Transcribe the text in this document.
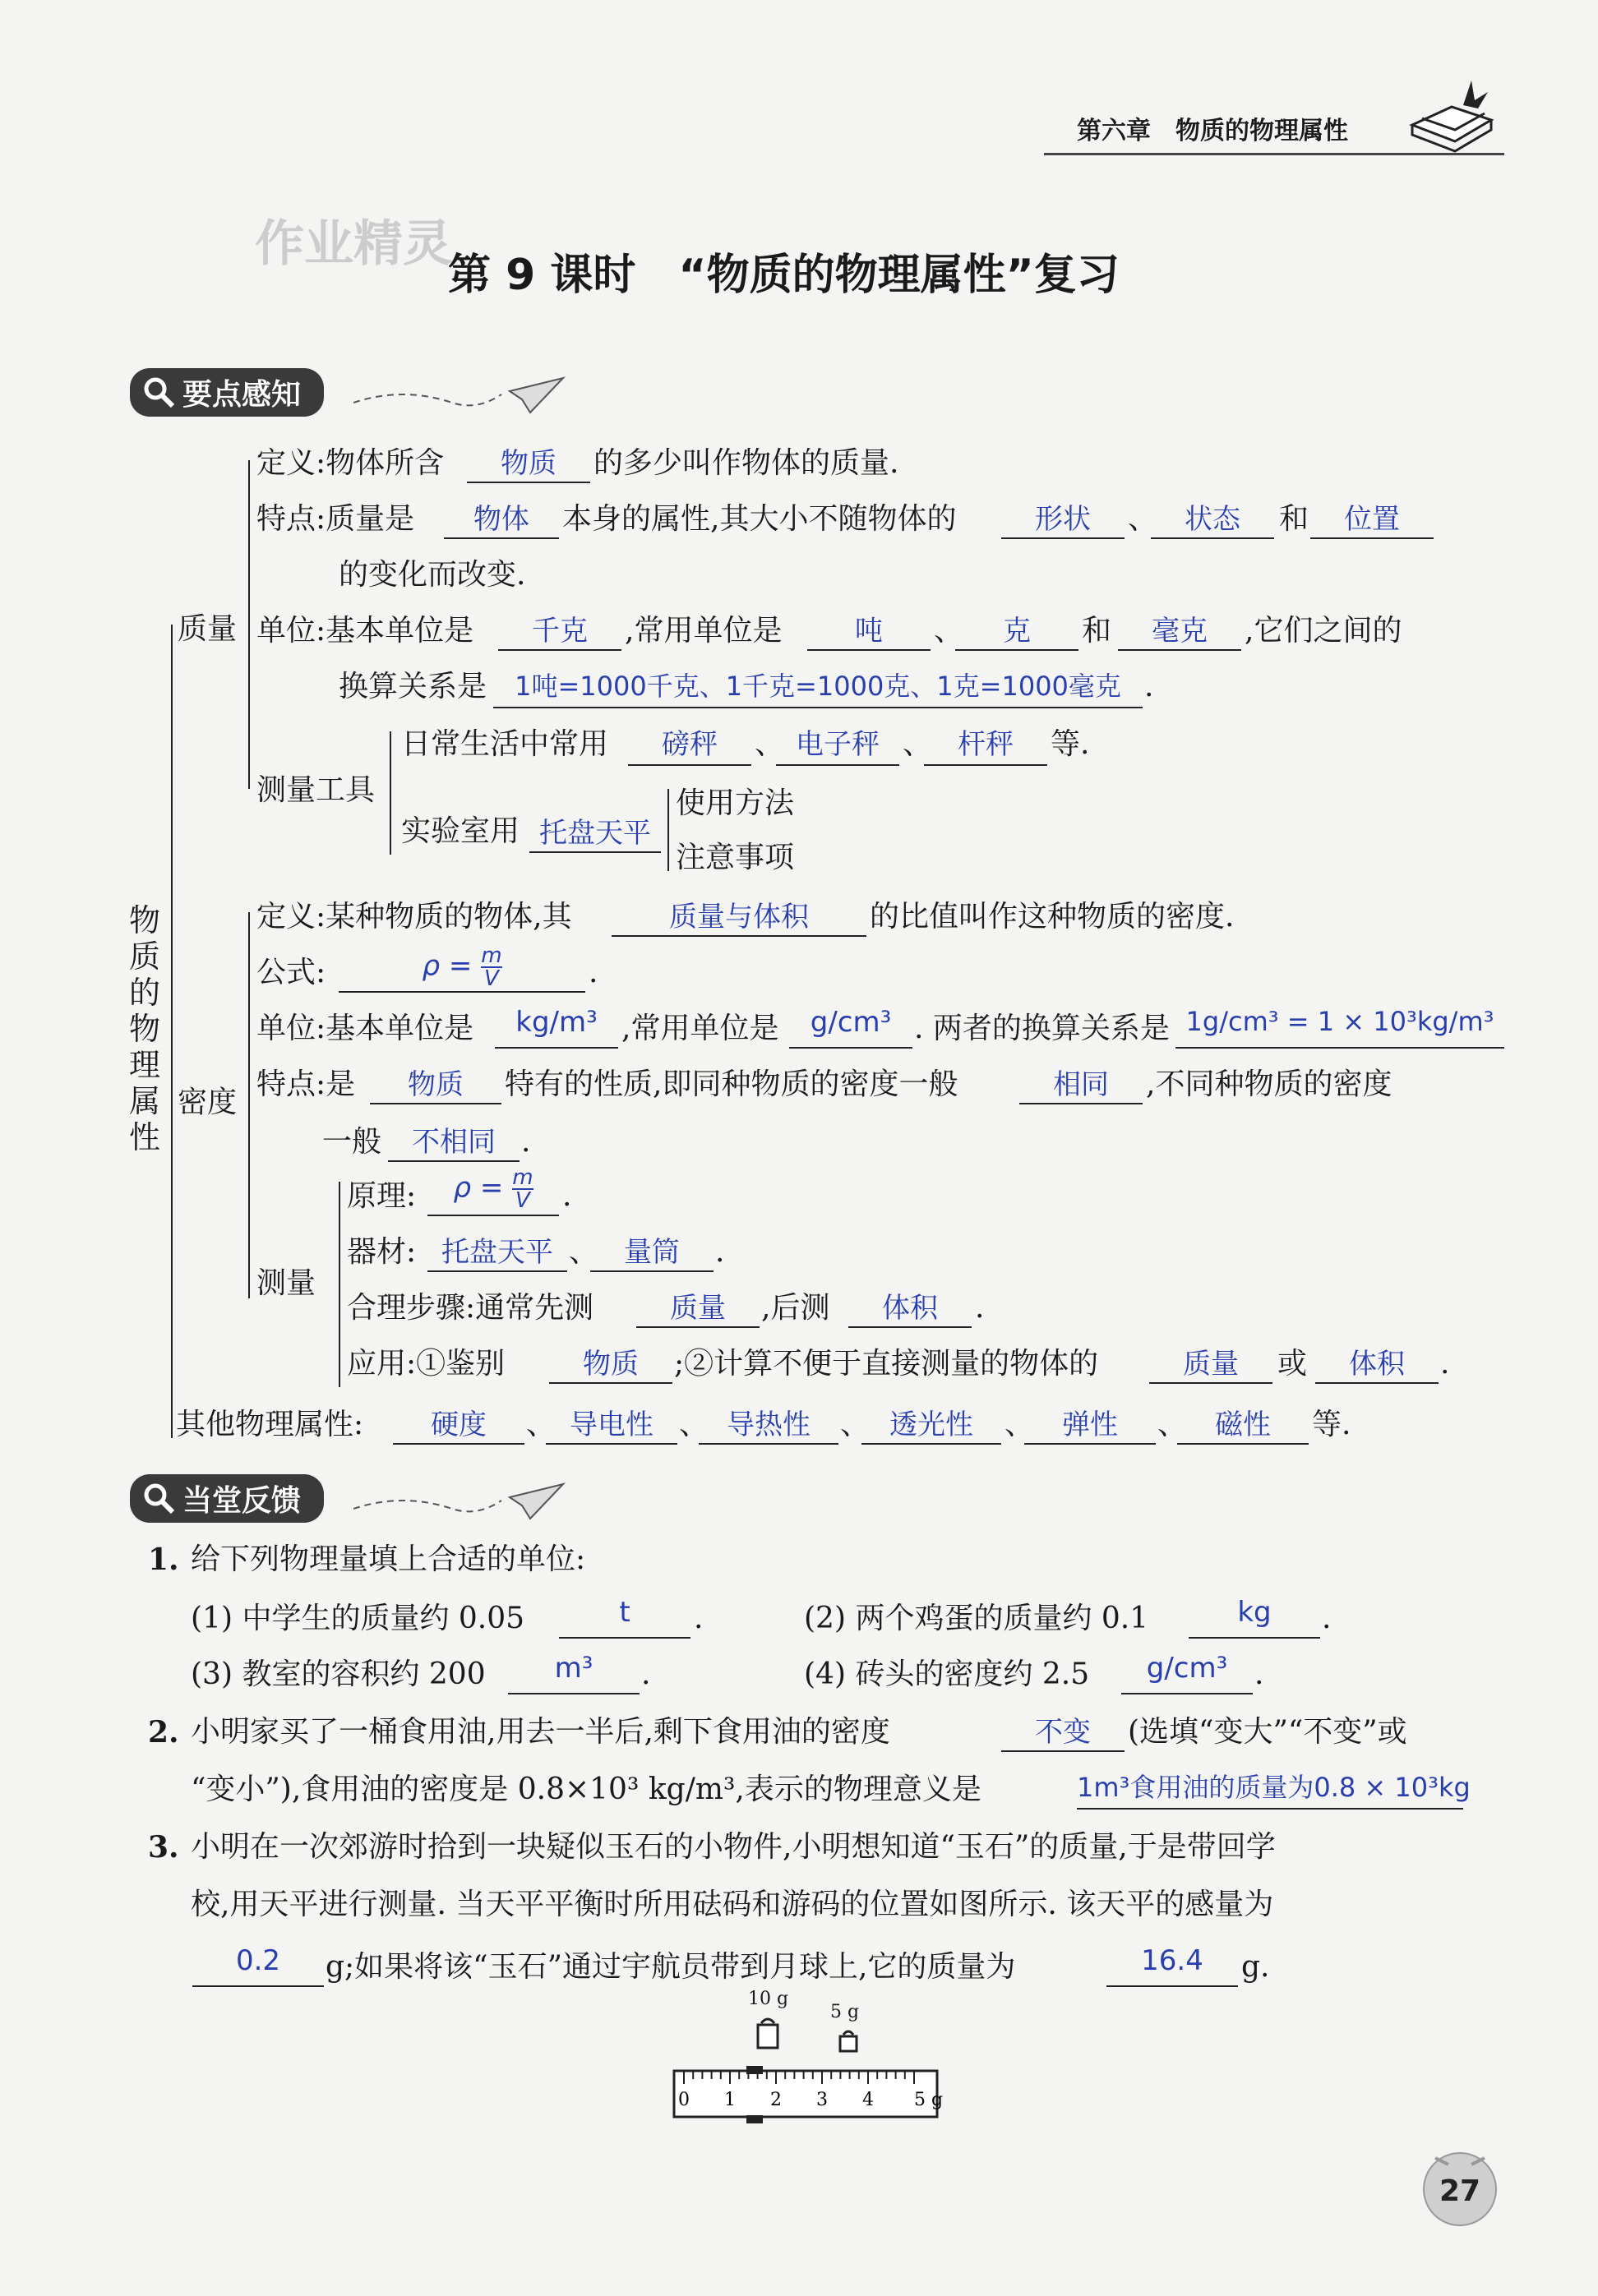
第六章　物质的物理属性
作业精灵
第 9 课时　“物质的物理属性”复习
要点感知
物质的物理属性
质量
定义:物体所含	物质	的多少叫作物体的质量.
特点:质量是	物体	本身的属性,其大小不随物体的	形状	、 状态	和	位置
的变化而改变.
单位:基本单位是	千克	,常用单位是	吨	、	克	和	毫克	,它们之间的
换算关系是	1吨=1000千克、1千克=1000克、1克=1000毫克 .
测量工具
日常生活中常用	磅秤	、 电子秤 、 杆秤	等.
实验室用 托盘天平
使用方法
注意事项
密度
定义:某种物质的物体,其	质量与体积	的比值叫作这种物质的密度.
公式:	$\rho = \frac{m}{V}$	.
单位:基本单位是	kg/m³ ,常用单位是	g/cm³ . 两者的换算关系是 1g/cm³ = 1 × 10³kg/m³
特点:是	物质	特有的性质,即同种物质的密度一般	相同	,不同种物质的密度
一般	不相同 .
测量
原理:	$\rho = \frac{m}{V}$ .
器材: 托盘天平 、 量筒	.
合理步骤:通常先测	质量	,后测	体积	.
应用:①鉴别	物质	;②计算不便于直接测量的物体的	质量	或	体积	.
其他物理属性:	硬度	、 导电性 、 导热性	、 透光性	、 弹性	、 磁性	等.
当堂反馈
1. 给下列物理量填上合适的单位:
(1) 中学生的质量约 0.05	t	.	(2) 两个鸡蛋的质量约 0.1	kg	.
(3) 教室的容积约 200	m³	.	(4) 砖头的密度约 2.5	g/cm³ .
2. 小明家买了一桶食用油,用去一半后,剩下食用油的密度	不变	(选填“变大”“不变”或
“变小”),食用油的密度是 0.8×10³ kg/m³,表示的物理意义是	1m³食用油的质量为0.8 × 10³kg
3. 小明在一次郊游时拾到一块疑似玉石的小物件,小明想知道“玉石”的质量,于是带回学
校,用天平进行测量. 当天平平衡时所用砝码和游码的位置如图所示. 该天平的感量为
0.2	g;如果将该“玉石”通过宇航员带到月球上,它的质量为	16.4	g.
10 g
5 g
0 1 2 3 4 5 g
27
